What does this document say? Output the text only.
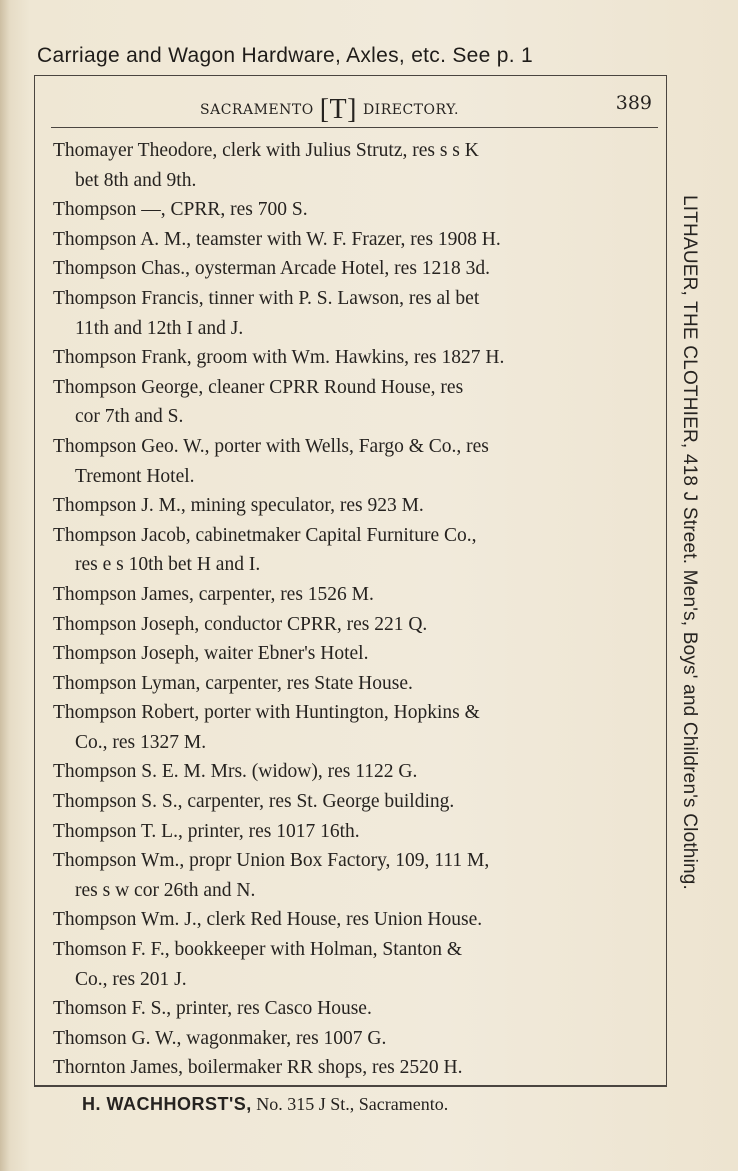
Carriage and Wagon Hardware, Axles, etc. See p. 1
SACRAMENTO [T] DIRECTORY.	389
Thomayer Theodore, clerk with Julius Strutz, res s s K
bet 8th and 9th.
Thompson —, CPRR, res 700 S.
Thompson A. M., teamster with W. F. Frazer, res 1908 H.
Thompson Chas., oysterman Arcade Hotel, res 1218 3d.
Thompson Francis, tinner with P. S. Lawson, res al bet
11th and 12th I and J.
Thompson Frank, groom with Wm. Hawkins, res 1827 H.
Thompson George, cleaner CPRR Round House, res
cor 7th and S.
Thompson Geo. W., porter with Wells, Fargo & Co., res
Tremont Hotel.
Thompson J. M., mining speculator, res 923 M.
Thompson Jacob, cabinetmaker Capital Furniture Co.,
res e s 10th bet H and I.
Thompson James, carpenter, res 1526 M.
Thompson Joseph, conductor CPRR, res 221 Q.
Thompson Joseph, waiter Ebner's Hotel.
Thompson Lyman, carpenter, res State House.
Thompson Robert, porter with Huntington, Hopkins &
Co., res 1327 M.
Thompson S. E. M. Mrs. (widow), res 1122 G.
Thompson S. S., carpenter, res St. George building.
Thompson T. L., printer, res 1017 16th.
Thompson Wm., propr Union Box Factory, 109, 111 M,
res s w cor 26th and N.
Thompson Wm. J., clerk Red House, res Union House.
Thomson F. F., bookkeeper with Holman, Stanton &
Co., res 201 J.
Thomson F. S., printer, res Casco House.
Thomson G. W., wagonmaker, res 1007 G.
Thornton James, boilermaker RR shops, res 2520 H.
LITHAUER, THE CLOTHIER, 418 J Street. Men's, Boys' and Children's Clothing.
H. WACHHORST'S, No. 315 J St., Sacramento.
